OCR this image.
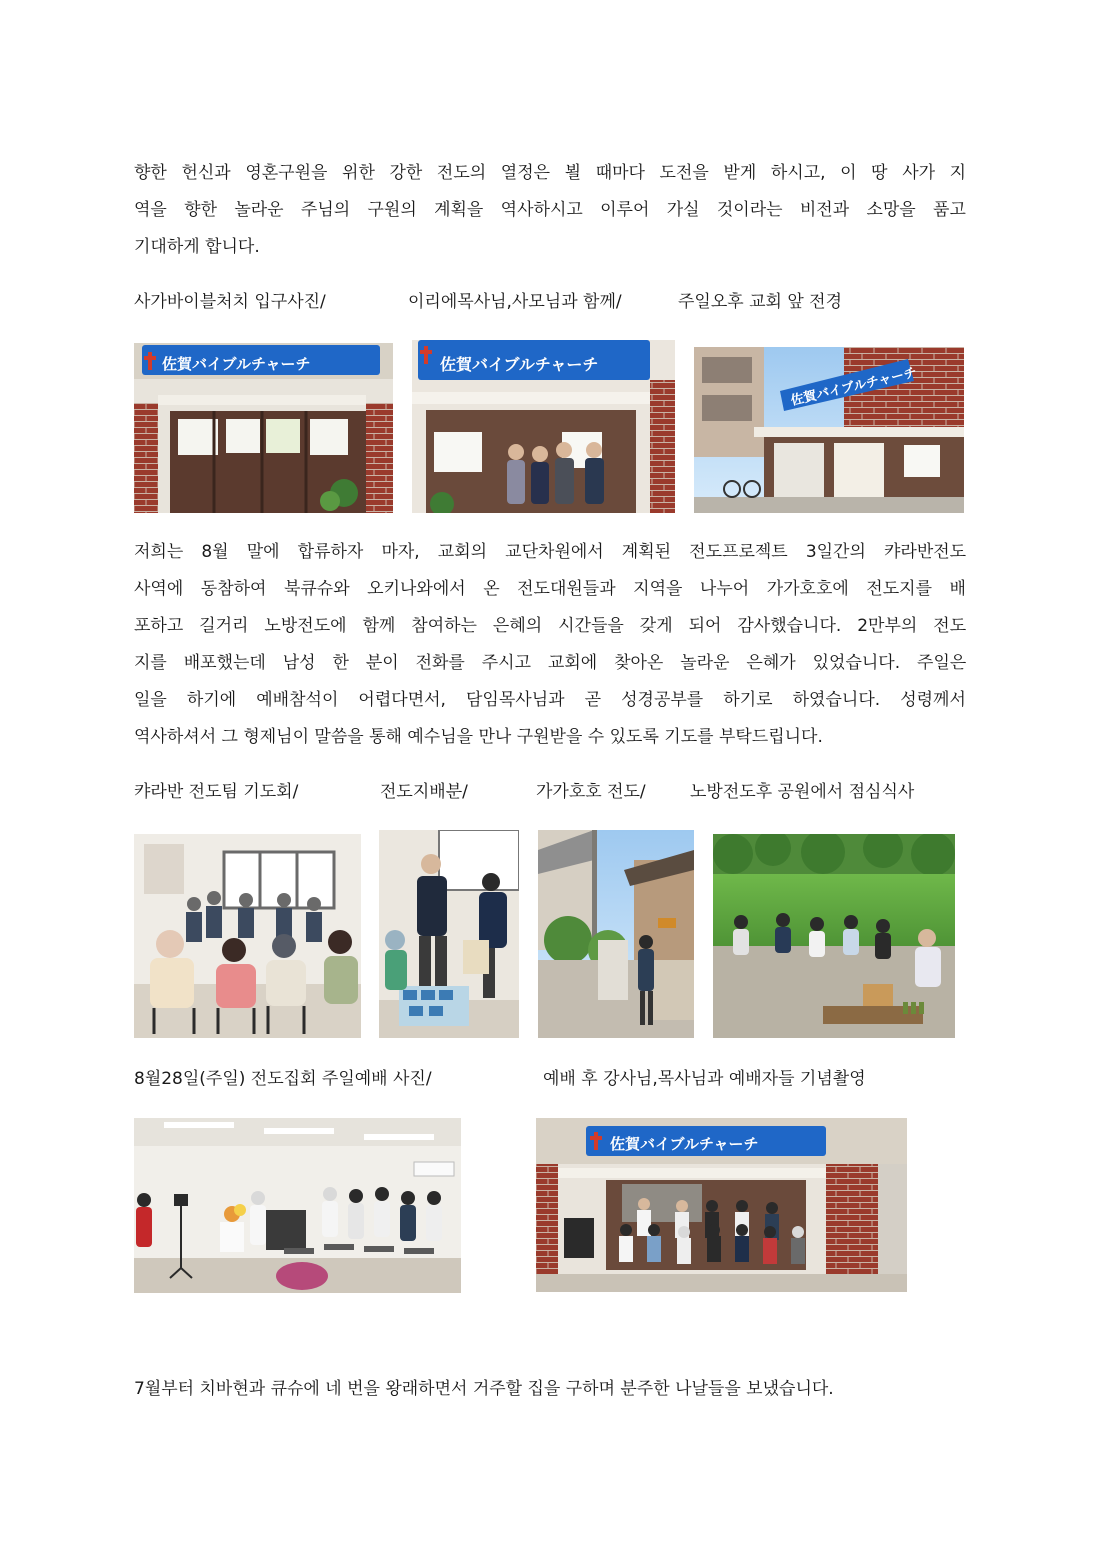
향한 헌신과 영혼구원을 위한 강한 전도의 열정은 뵐 때마다 도전을 받게 하시고, 이 땅 사가 지
역을 향한 놀라운 주님의 구원의 계획을 역사하시고 이루어 가실 것이라는 비전과 소망을 품고
기대하게 합니다.

사가바이블처치 입구사진/	이리에목사님,사모님과 함께/	주일오후 교회 앞 전경

佐賀バイブルチャーチ	佐賀バイブルチャーチ
佐賀バイブルチャーチ
저희는 8월 말에 합류하자 마자, 교회의 교단차원에서 계획된 전도프로젝트 3일간의 캬라반전도
사역에 동참하여 북큐슈와 오키나와에서 온 전도대원들과 지역을 나누어 가가호호에 전도지를 배
포하고 길거리 노방전도에 함께 참여하는 은혜의 시간들을 갖게 되어 감사했습니다. 2만부의 전도
지를 배포했는데 남성 한 분이 전화를 주시고 교회에 찾아온 놀라운 은혜가 있었습니다. 주일은
일을 하기에 예배참석이 어렵다면서, 담임목사님과 곧 성경공부를 하기로 하였습니다. 성령께서
역사하셔서 그 형제님이 말씀을 통해 예수님을 만나 구원받을 수 있도록 기도를 부탁드립니다.

캬라반 전도팀 기도회/	전도지배분/	가가호호 전도/	노방전도후 공원에서 점심식사

8월28일(주일) 전도집회 주일예배 사진/	예배 후 강사님,목사님과 예배자들 기념촬영

佐賀バイブルチャーチ
7월부터 치바현과 큐슈에 네 번을 왕래하면서 거주할 집을 구하며 분주한 나날들을 보냈습니다.
